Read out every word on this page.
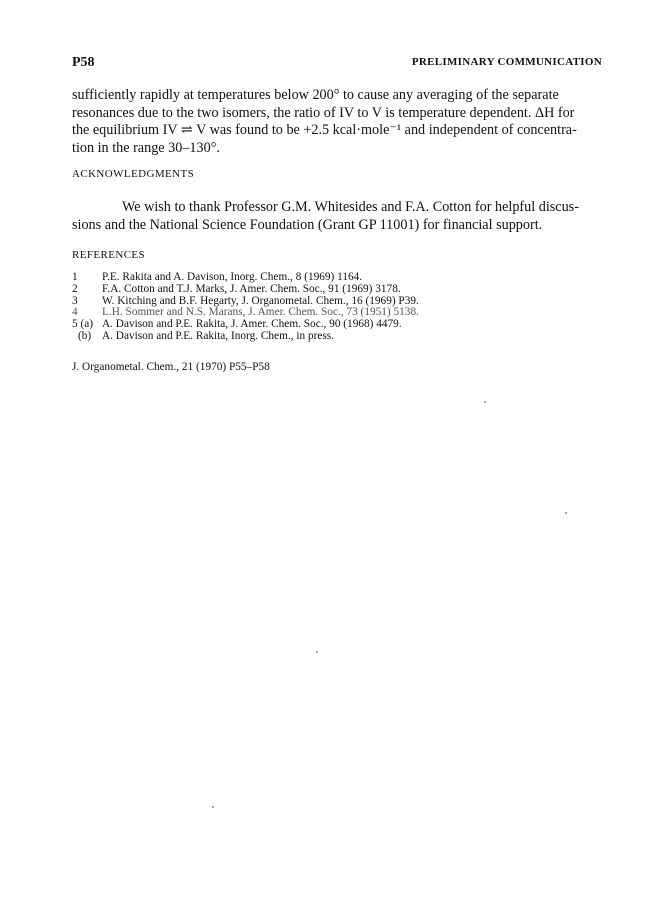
P58	PRELIMINARY COMMUNICATION
sufficiently rapidly at temperatures below 200° to cause any averaging of the separate
resonances due to the two isomers, the ratio of IV to V is temperature dependent. ΔH for
the equilibrium IV ⇌ V was found to be +2.5 kcal·mole⁻¹ and independent of concentra-
tion in the range 30–130°.
ACKNOWLEDGMENTS
We wish to thank Professor G.M. Whitesides and F.A. Cotton for helpful discus-
sions and the National Science Foundation (Grant GP 11001) for financial support.
REFERENCES
1	P.E. Rakita and A. Davison, Inorg. Chem., 8 (1969) 1164.
2	F.A. Cotton and T.J. Marks, J. Amer. Chem. Soc., 91 (1969) 3178.
3	W. Kitching and B.F. Hegarty, J. Organometal. Chem., 16 (1969) P39.
4	L.H. Sommer and N.S. Marans, J. Amer. Chem. Soc., 73 (1951) 5138.
5 (a) A. Davison and P.E. Rakita, J. Amer. Chem. Soc., 90 (1968) 4479.
(b) A. Davison and P.E. Rakita, Inorg. Chem., in press.
J. Organometal. Chem., 21 (1970) P55–P58
